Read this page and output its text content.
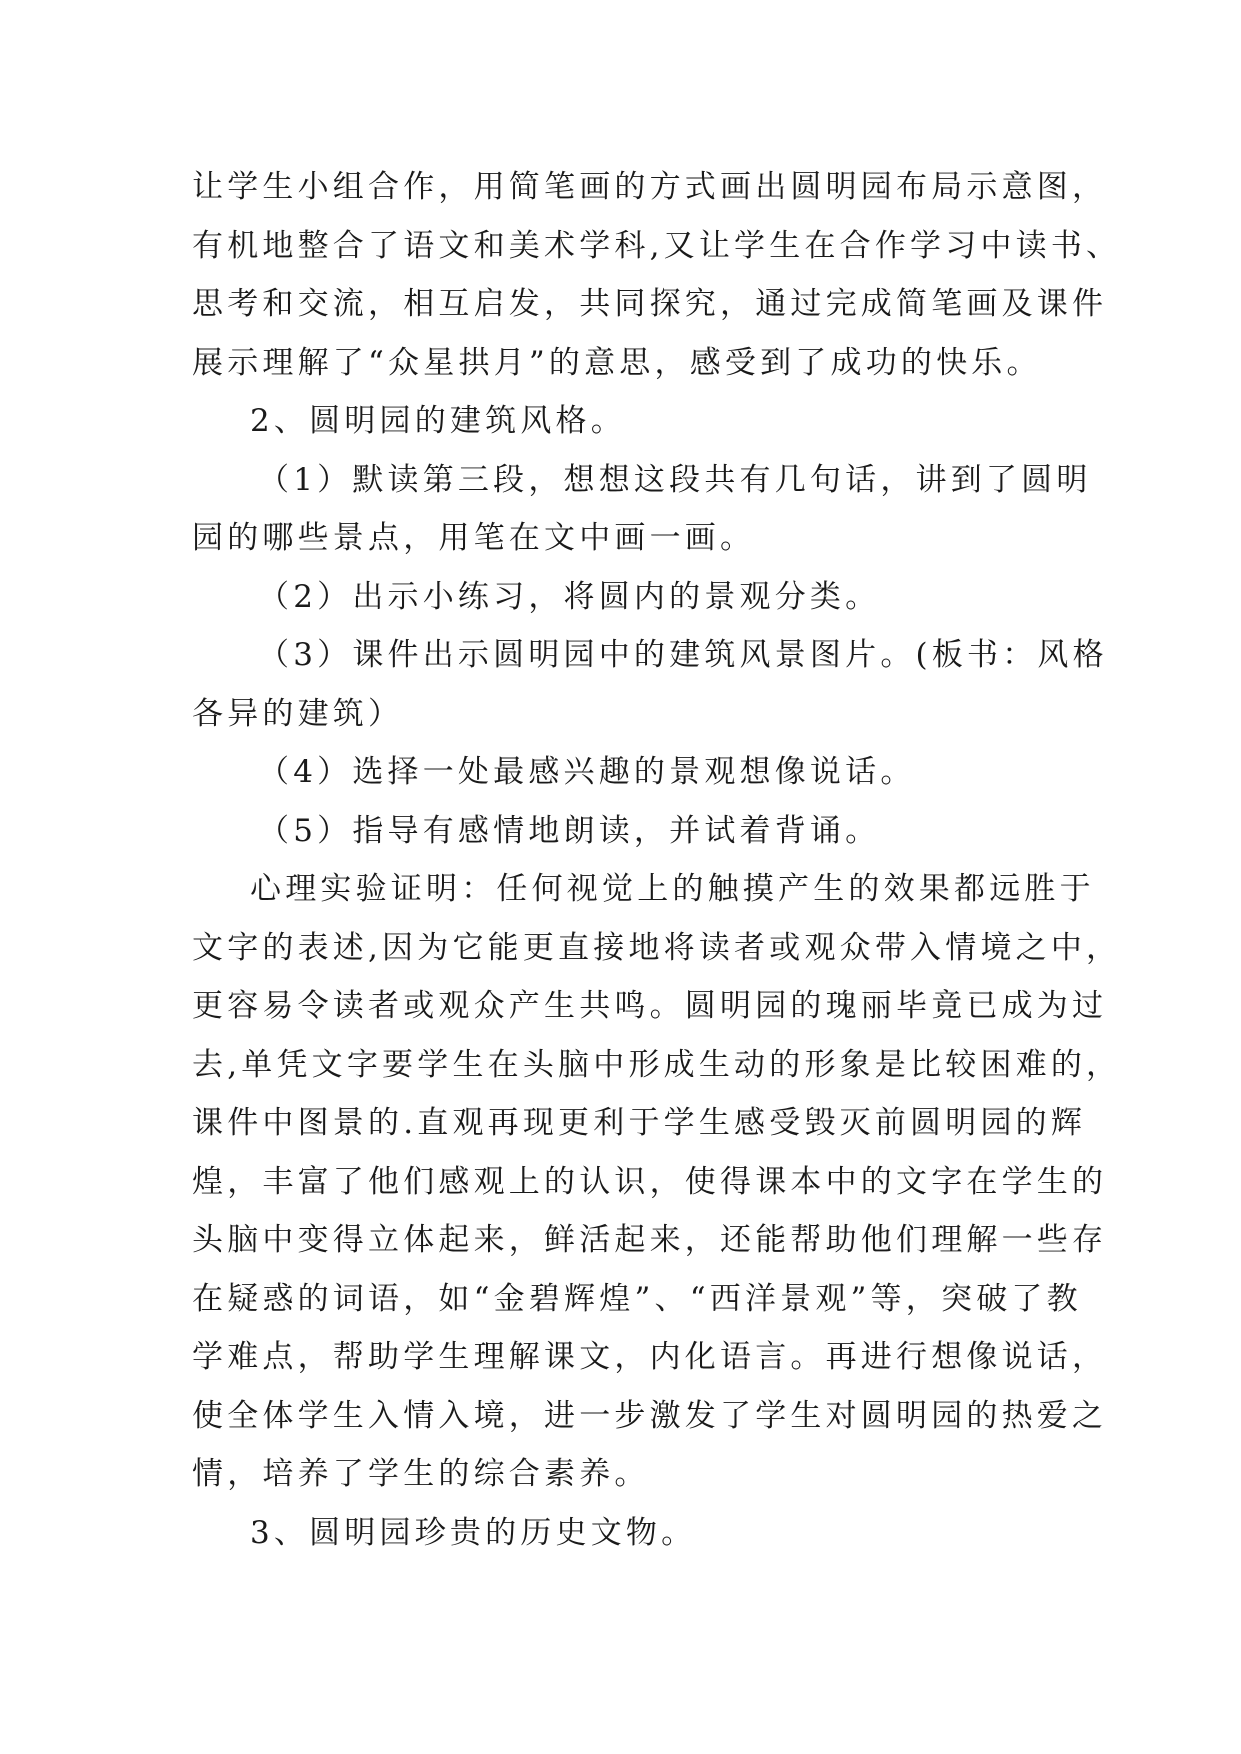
让学生小组合作，用简笔画的方式画出圆明园布局示意图，
有机地整合了语文和美术学科,又让学生在合作学习中读书、
思考和交流，相互启发，共同探究，通过完成简笔画及课件
展示理解了“众星拱月”的意思，感受到了成功的快乐。
2、圆明园的建筑风格。
（1）默读第三段，想想这段共有几句话，讲到了圆明
园的哪些景点，用笔在文中画一画。
（2）出示小练习，将圆内的景观分类。
（3）课件出示圆明园中的建筑风景图片。(板书：风格
各异的建筑）
（4）选择一处最感兴趣的景观想像说话。
（5）指导有感情地朗读，并试着背诵。
心理实验证明：任何视觉上的触摸产生的效果都远胜于
文字的表述,因为它能更直接地将读者或观众带入情境之中，
更容易令读者或观众产生共鸣。圆明园的瑰丽毕竟已成为过
去,单凭文字要学生在头脑中形成生动的形象是比较困难的，
课件中图景的.直观再现更利于学生感受毁灭前圆明园的辉
煌，丰富了他们感观上的认识，使得课本中的文字在学生的
头脑中变得立体起来，鲜活起来，还能帮助他们理解一些存
在疑惑的词语，如“金碧辉煌”、“西洋景观”等，突破了教
学难点，帮助学生理解课文，内化语言。再进行想像说话，
使全体学生入情入境，进一步激发了学生对圆明园的热爱之
情，培养了学生的综合素养。
3、圆明园珍贵的历史文物。
